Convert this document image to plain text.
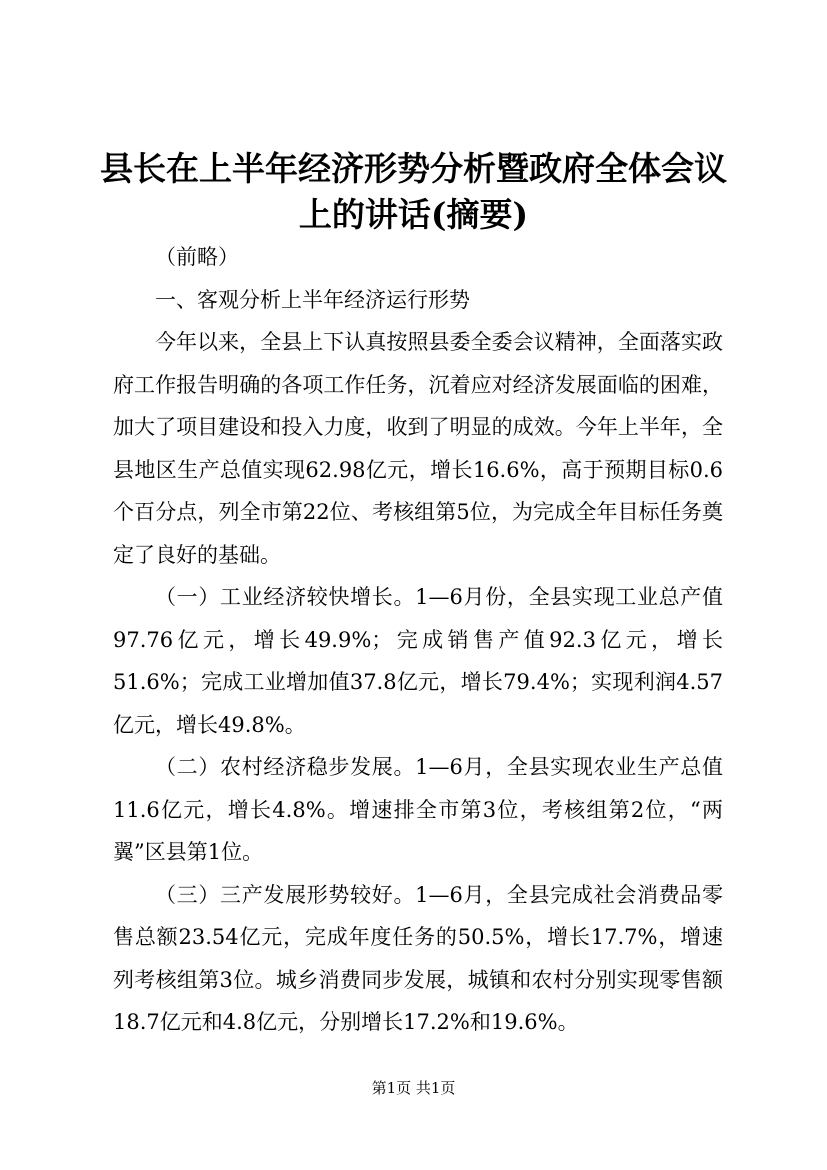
县长在上半年经济形势分析暨政府全体会议上的讲话(摘要)

（前略）

一、客观分析上半年经济运行形势

今年以来，全县上下认真按照县委全委会议精神，全面落实政府工作报告明确的各项工作任务，沉着应对经济发展面临的困难，加大了项目建设和投入力度，收到了明显的成效。今年上半年，全县地区生产总值实现62.98亿元，增长16.6%，高于预期目标0.6个百分点，列全市第22位、考核组第5位，为完成全年目标任务奠定了良好的基础。

（一）工业经济较快增长。1—6月份，全县实现工业总产值97.76亿元，增长49.9%；完成销售产值92.3亿元，增长51.6%；完成工业增加值37.8亿元，增长79.4%；实现利润4.57亿元，增长49.8%。

（二）农村经济稳步发展。1—6月，全县实现农业生产总值11.6亿元，增长4.8%。增速排全市第3位，考核组第2位，“两翼”区县第1位。

（三）三产发展形势较好。1—6月，全县完成社会消费品零售总额23.54亿元，完成年度任务的50.5%，增长17.7%，增速列考核组第3位。城乡消费同步发展，城镇和农村分别实现零售额18.7亿元和4.8亿元，分别增长17.2%和19.6%。

第1页 共1页
